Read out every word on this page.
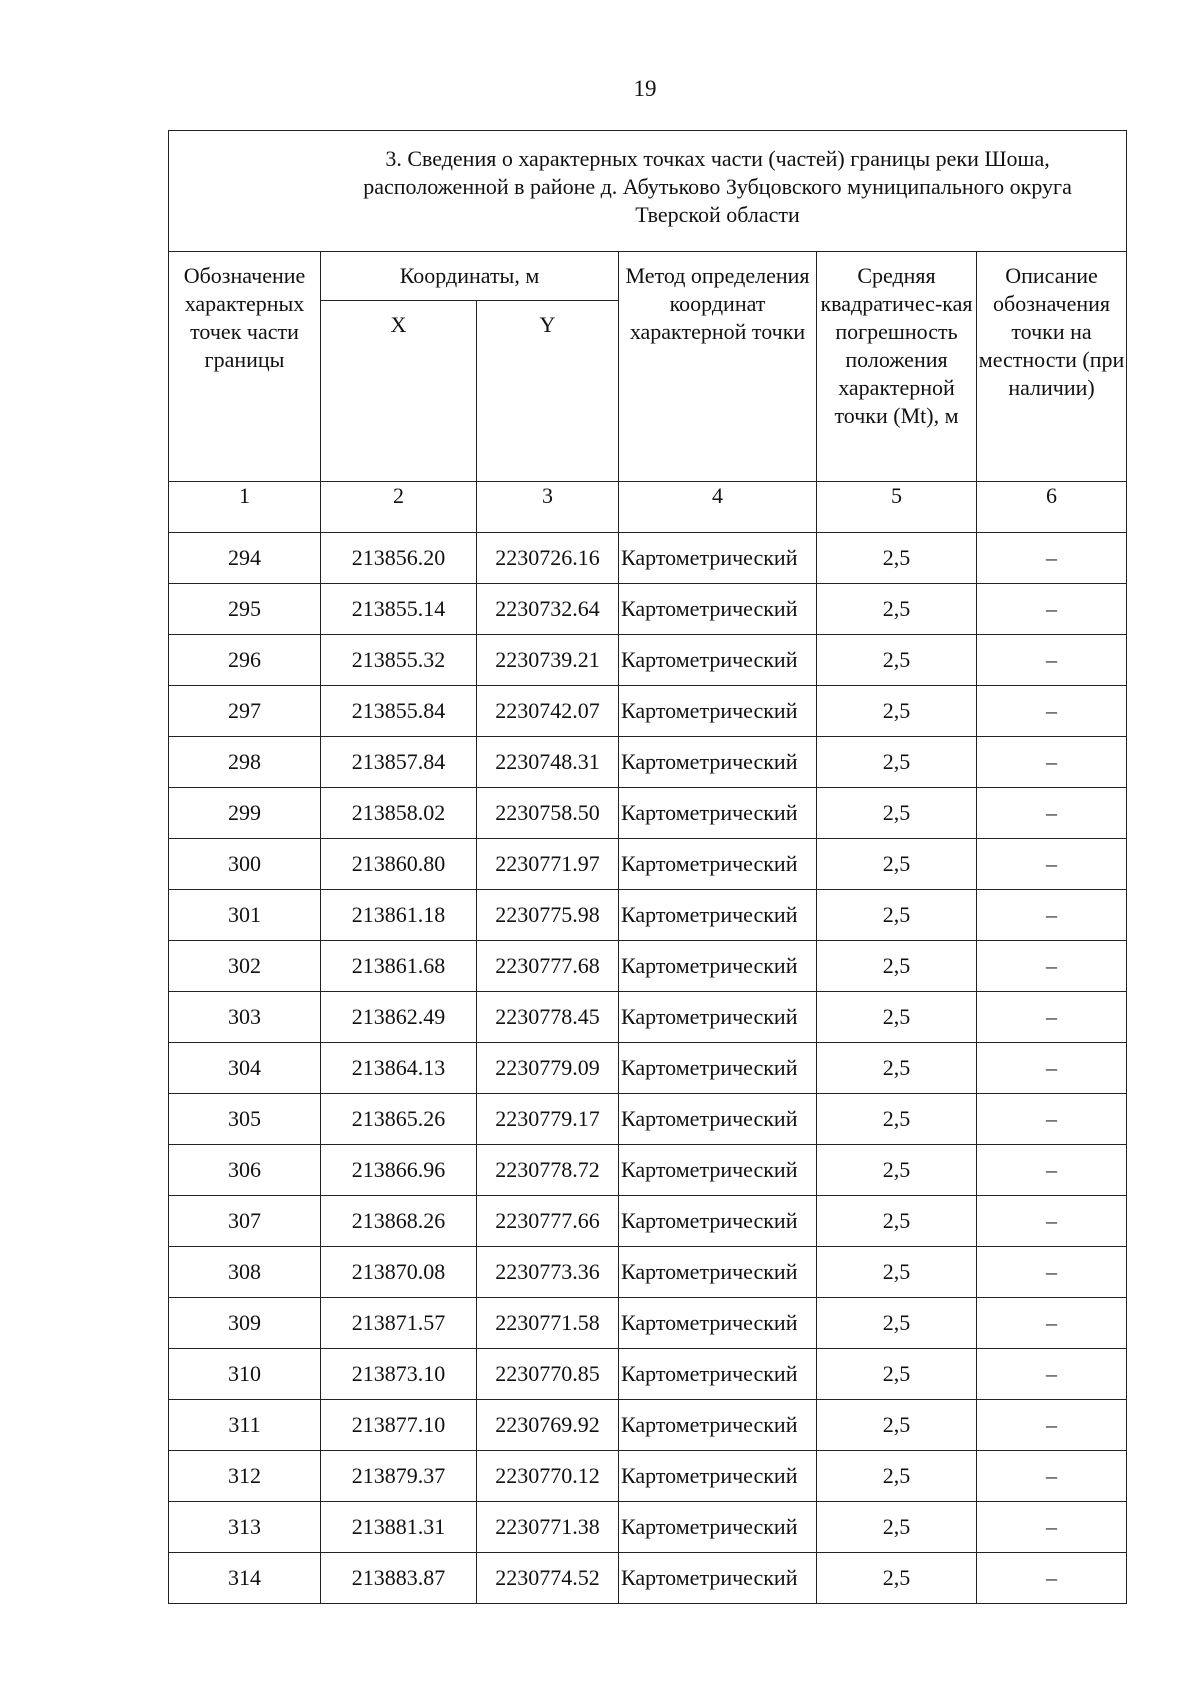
19
3. Сведения о характерных точках части (частей) границы реки Шоша, расположенной в районе д. Абутьково Зубцовского муниципального округа Тверской области					

Обозначение характерных точек части границы	Координаты, м		Метод определения координат характерной точки	Средняя квадратичес-кая погрешность положения характерной точки (Mt), м	Описание обозначения точки на местности (при наличии)
	X	Y			
1	2	3	4	5	6
294	213856.20	2230726.16	Картометрический	2,5	–
295	213855.14	2230732.64	Картометрический	2,5	–
296	213855.32	2230739.21	Картометрический	2,5	–
297	213855.84	2230742.07	Картометрический	2,5	–
298	213857.84	2230748.31	Картометрический	2,5	–
299	213858.02	2230758.50	Картометрический	2,5	–
300	213860.80	2230771.97	Картометрический	2,5	–
301	213861.18	2230775.98	Картометрический	2,5	–
302	213861.68	2230777.68	Картометрический	2,5	–
303	213862.49	2230778.45	Картометрический	2,5	–
304	213864.13	2230779.09	Картометрический	2,5	–
305	213865.26	2230779.17	Картометрический	2,5	–
306	213866.96	2230778.72	Картометрический	2,5	–
307	213868.26	2230777.66	Картометрический	2,5	–
308	213870.08	2230773.36	Картометрический	2,5	–
309	213871.57	2230771.58	Картометрический	2,5	–
310	213873.10	2230770.85	Картометрический	2,5	–
311	213877.10	2230769.92	Картометрический	2,5	–
312	213879.37	2230770.12	Картометрический	2,5	–
313	213881.31	2230771.38	Картометрический	2,5	–
314	213883.87	2230774.52	Картометрический	2,5	–
